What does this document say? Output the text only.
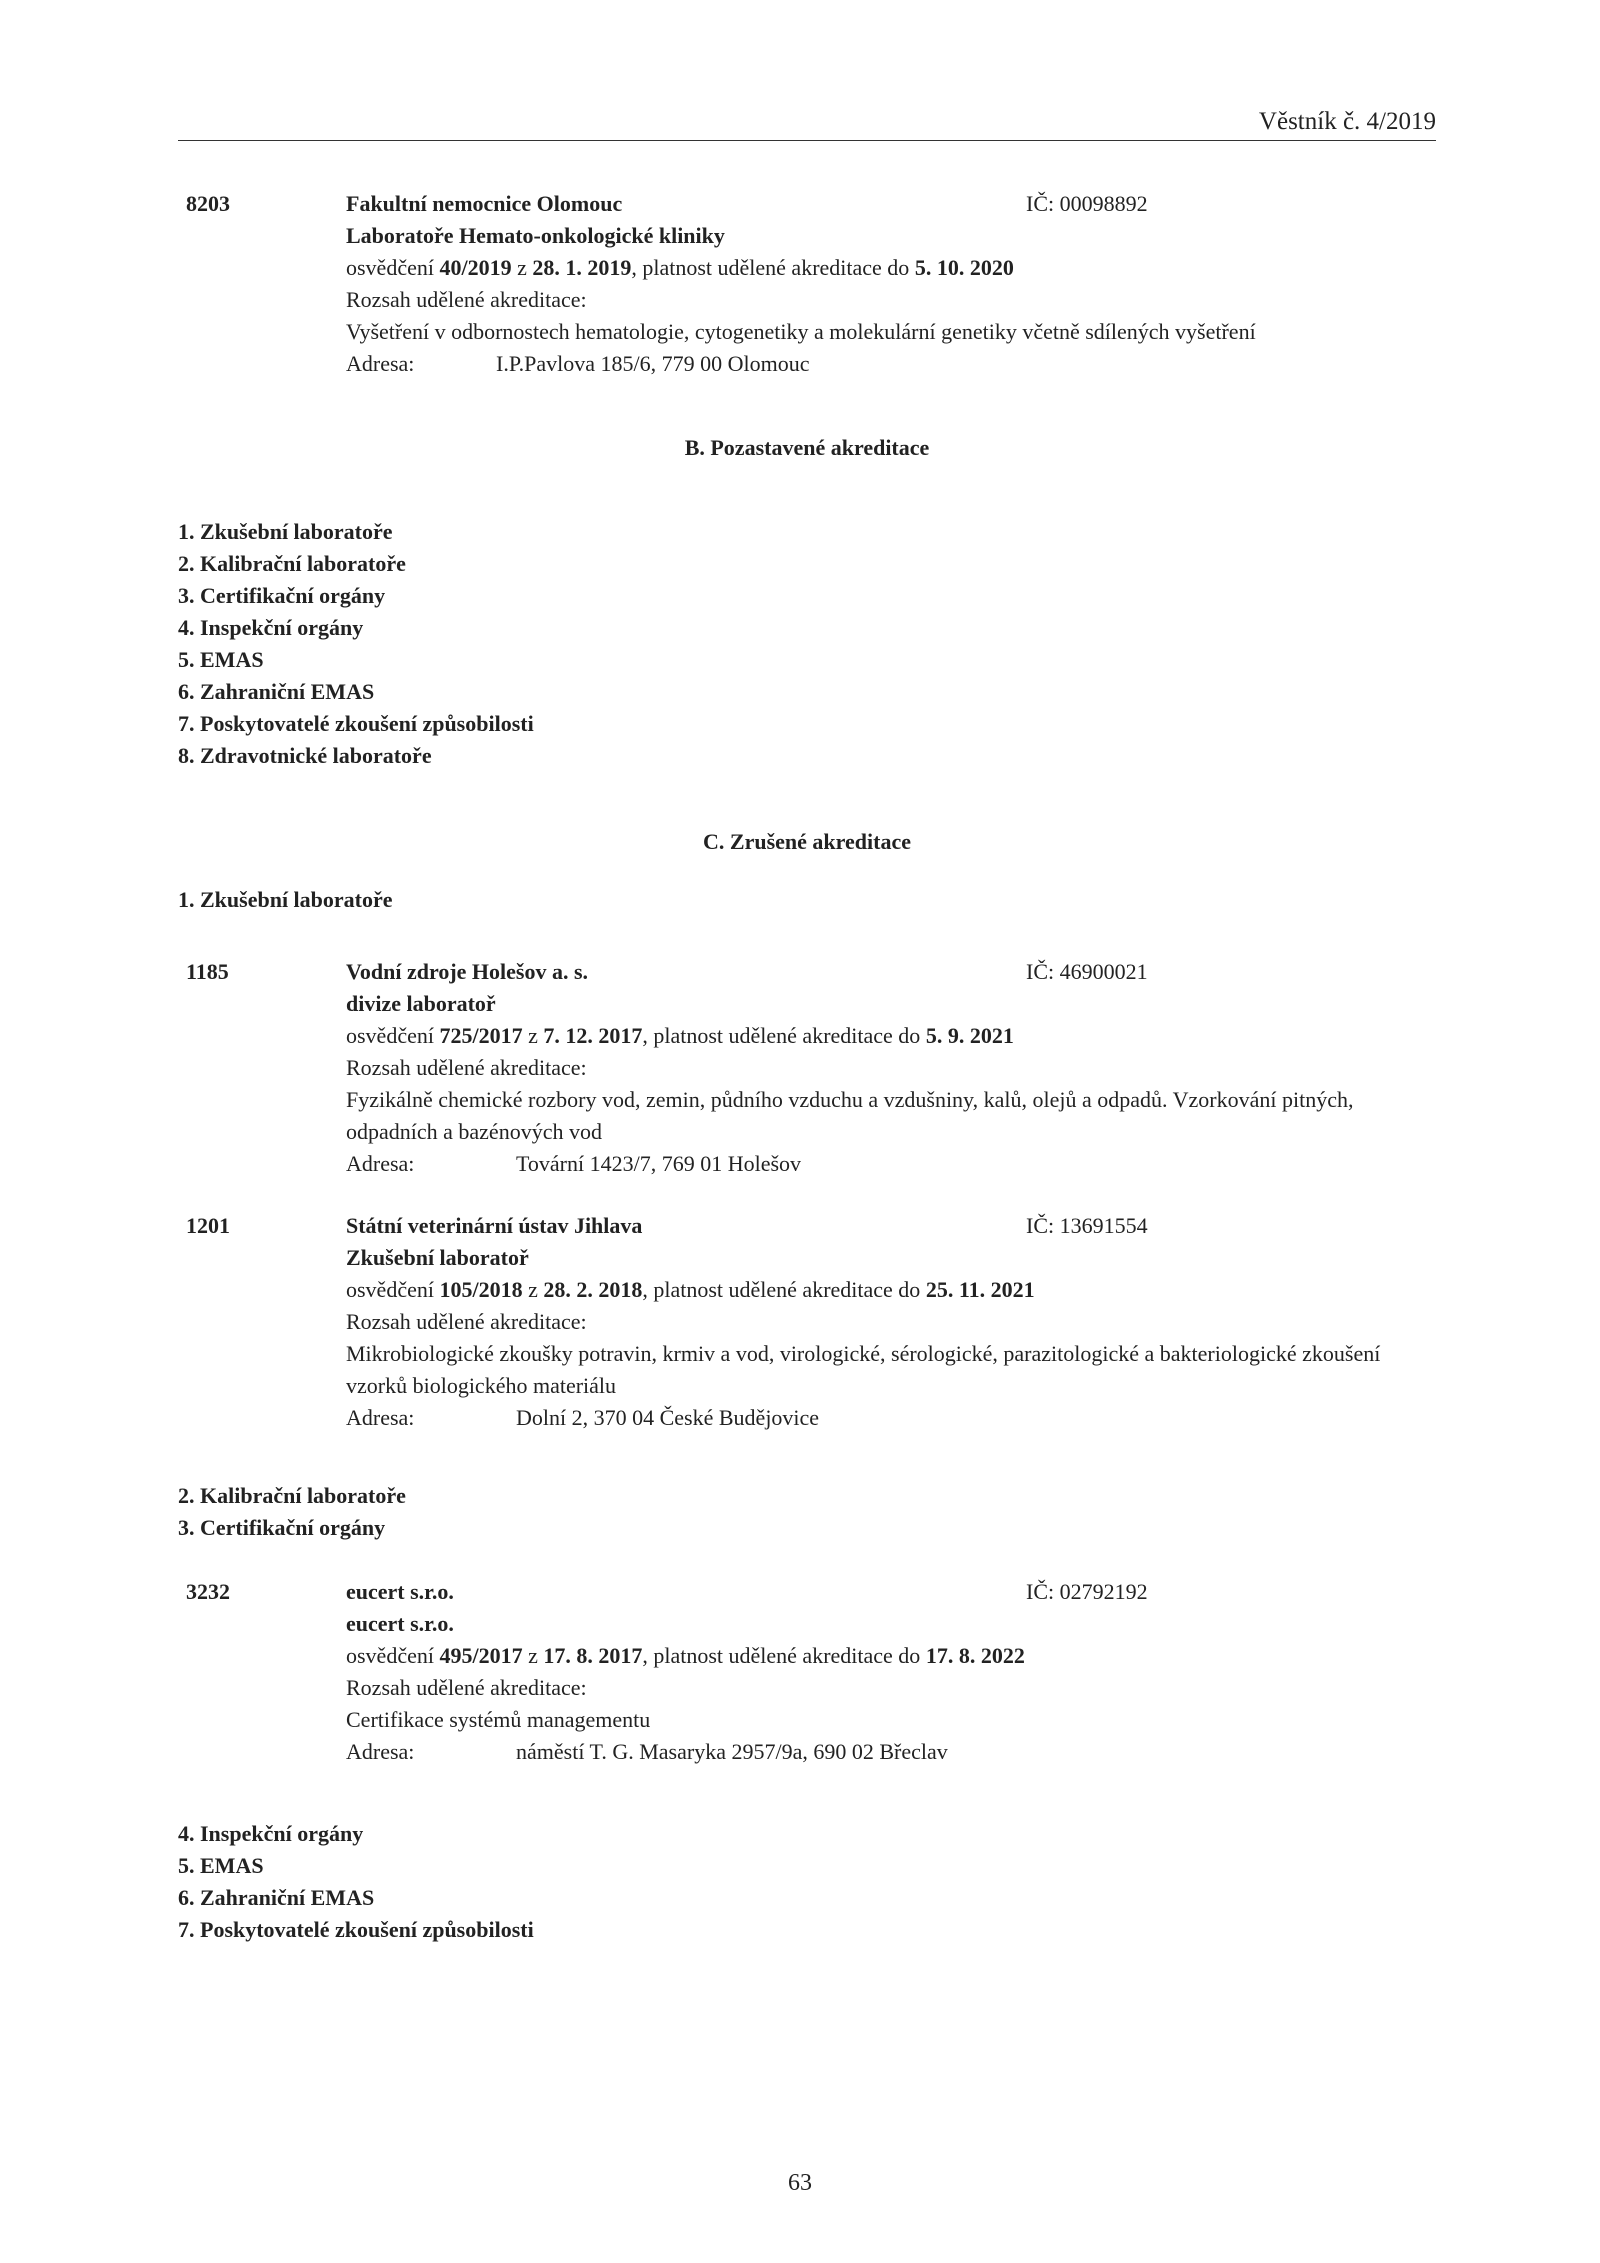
Věstník č. 4/2019
8203	Fakultní nemocnice Olomouc	IČ: 00098892
Laboratoře Hemato-onkologické kliniky
osvědčení 40/2019 z 28. 1. 2019, platnost udělené akreditace do 5. 10. 2020
Rozsah udělené akreditace:
Vyšetření v odbornostech hematologie, cytogenetiky a molekulární genetiky včetně sdílených vyšetření
Adresa:	I.P.Pavlova 185/6, 779 00 Olomouc
B. Pozastavené akreditace
1. Zkušební laboratoře
2. Kalibrační laboratoře
3. Certifikační orgány
4. Inspekční orgány
5. EMAS
6. Zahraniční EMAS
7. Poskytovatelé zkoušení způsobilosti
8. Zdravotnické laboratoře
C. Zrušené akreditace
1. Zkušební laboratoře
1185	Vodní zdroje Holešov a. s.	IČ: 46900021
divize laboratoř
osvědčení 725/2017 z 7. 12. 2017, platnost udělené akreditace do 5. 9. 2021
Rozsah udělené akreditace:
Fyzikálně chemické rozbory vod, zemin, půdního vzduchu a vzdušniny, kalů, olejů a odpadů. Vzorkování pitných, odpadních a bazénových vod
Adresa:	Tovární 1423/7, 769 01 Holešov
1201	Státní veterinární ústav Jihlava	IČ: 13691554
Zkušební laboratoř
osvědčení 105/2018 z 28. 2. 2018, platnost udělené akreditace do 25. 11. 2021
Rozsah udělené akreditace:
Mikrobiologické zkoušky potravin, krmiv a vod, virologické, sérologické, parazitologické a bakteriologické zkoušení vzorků biologického materiálu
Adresa:	Dolní 2, 370 04 České Budějovice
2. Kalibrační laboratoře
3. Certifikační orgány
3232	eucert s.r.o.	IČ: 02792192
eucert s.r.o.
osvědčení 495/2017 z 17. 8. 2017, platnost udělené akreditace do 17. 8. 2022
Rozsah udělené akreditace:
Certifikace systémů managementu
Adresa:	náměstí T. G. Masaryka 2957/9a, 690 02 Břeclav
4. Inspekční orgány
5. EMAS
6. Zahraniční EMAS
7. Poskytovatelé zkoušení způsobilosti
63
